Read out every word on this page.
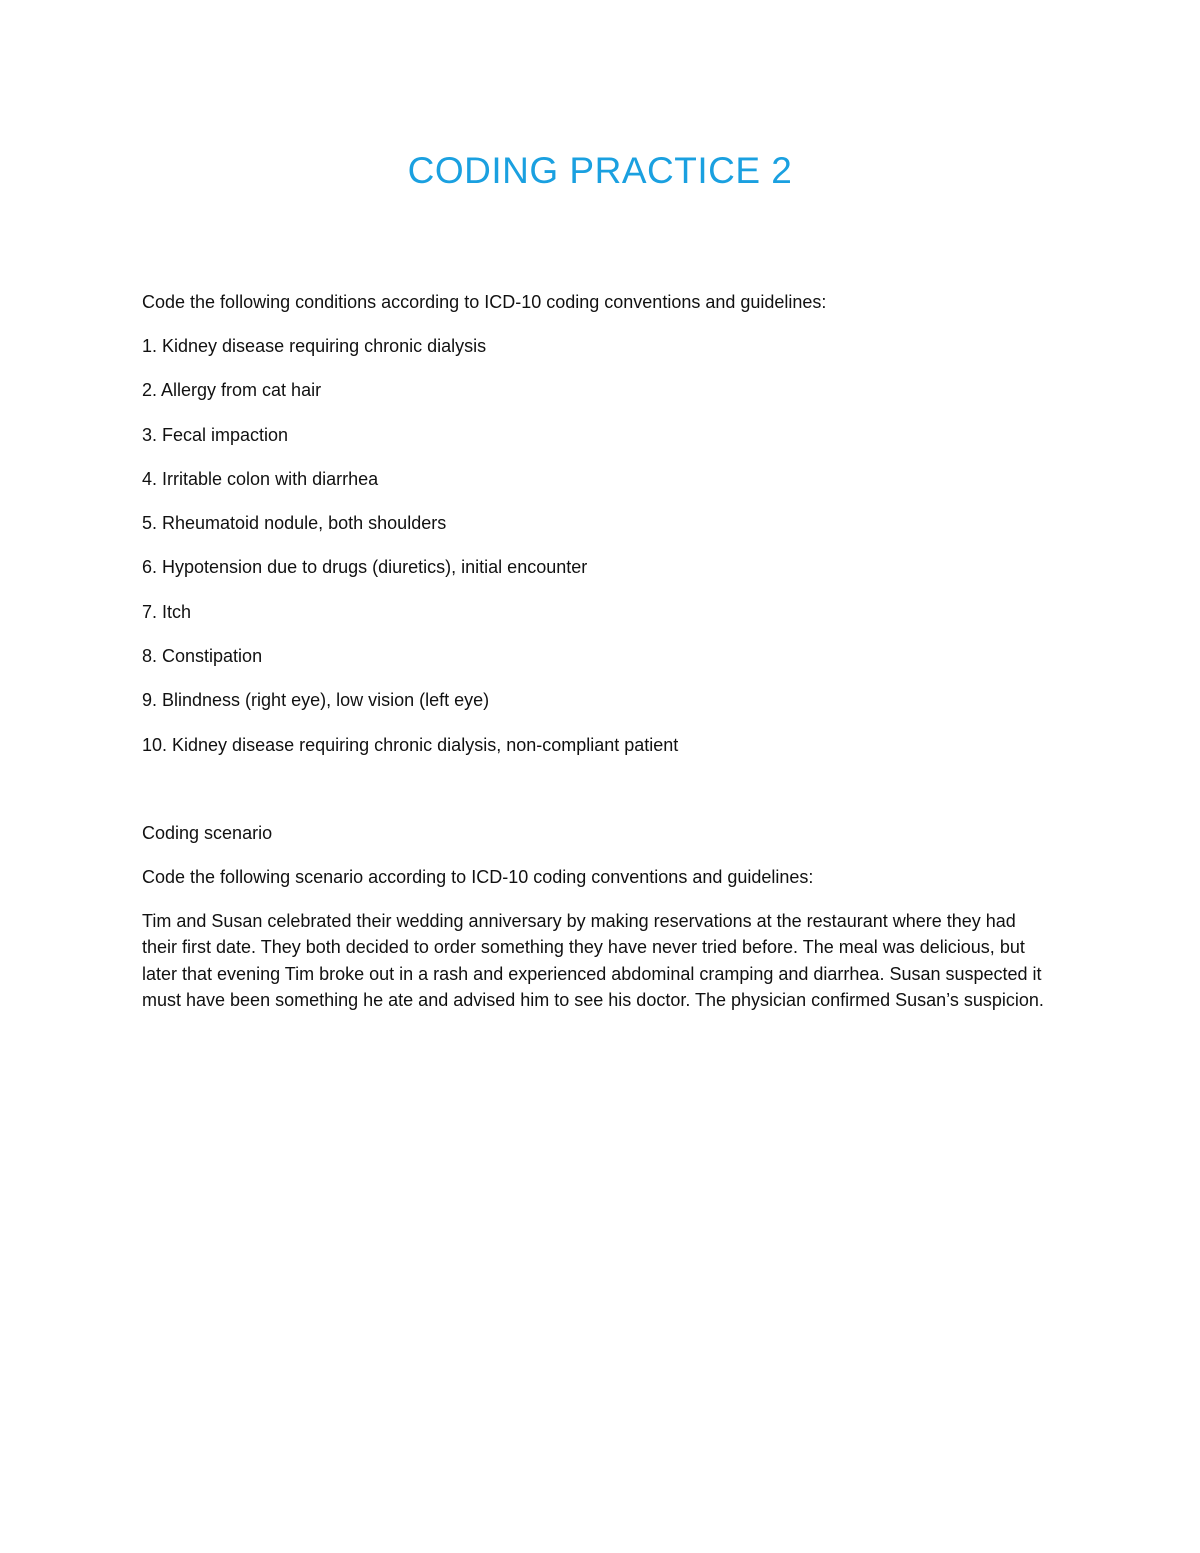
CODING PRACTICE 2

Code the following conditions according to ICD-10 coding conventions and guidelines:

1. Kidney disease requiring chronic dialysis
2. Allergy from cat hair
3. Fecal impaction
4. Irritable colon with diarrhea
5. Rheumatoid nodule, both shoulders
6. Hypotension due to drugs (diuretics), initial encounter
7. Itch
8. Constipation
9. Blindness (right eye), low vision (left eye)
10. Kidney disease requiring chronic dialysis, non-compliant patient

Coding scenario

Code the following scenario according to ICD-10 coding conventions and guidelines:

Tim and Susan celebrated their wedding anniversary by making reservations at the restaurant where they had their first date. They both decided to order something they have never tried before. The meal was delicious, but later that evening Tim broke out in a rash and experienced abdominal cramping and diarrhea. Susan suspected it must have been something he ate and advised him to see his doctor. The physician confirmed Susan’s suspicion.
